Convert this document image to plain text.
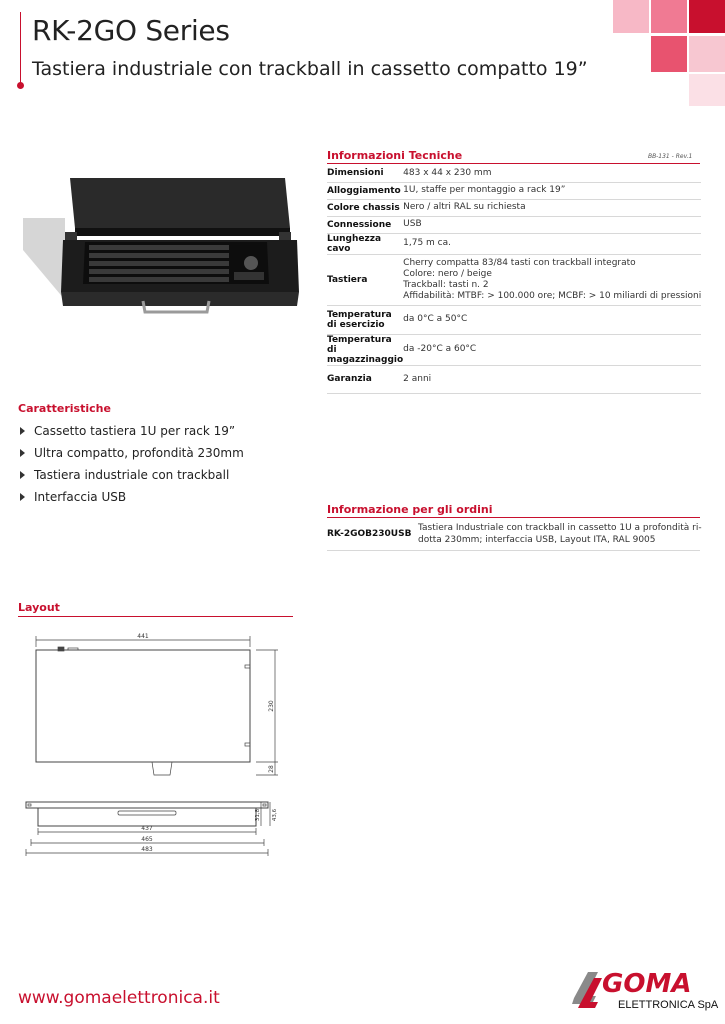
RK-2GO Series
Tastiera industriale con trackball in cassetto compatto 19”
Informazioni Tecniche	BB-131 - Rev.1
Dimensioni	483 x 44 x 230 mm
Alloggiamento	1U, staffe per montaggio a rack 19”
Colore chassis	Nero / altri RAL su richiesta
Connessione	USB
Lunghezza cavo	1,75 m ca.
Tastiera	Cherry compatta 83/84 tasti con trackball integrato
Colore: nero / beige
Trackball: tasti n. 2
Affidabilità: MTBF: > 100.000 ore; MCBF: > 10 miliardi di pressioni

Temperatura
di esercizio	da 0°C a 50°C

Temperatura
di magazzinaggio	da -20°C a 60°C
Garanzia	2 anni
Caratteristiche
Cassetto tastiera 1U per rack 19”
Ultra compatto, profondità 230mm
Tastiera industriale con trackball
Interfaccia USB
Informazione per gli ordini
RK-2GOB230USB
Tastiera Industriale con trackball in cassetto 1U a profondità ri-
dotta 230mm; interfaccia USB, Layout ITA, RAL 9005
Layout
441
230
28
31,8 43,6
437
465
483
www.gomaelettronica.it	GOMA
ELETTRONICA SpA
